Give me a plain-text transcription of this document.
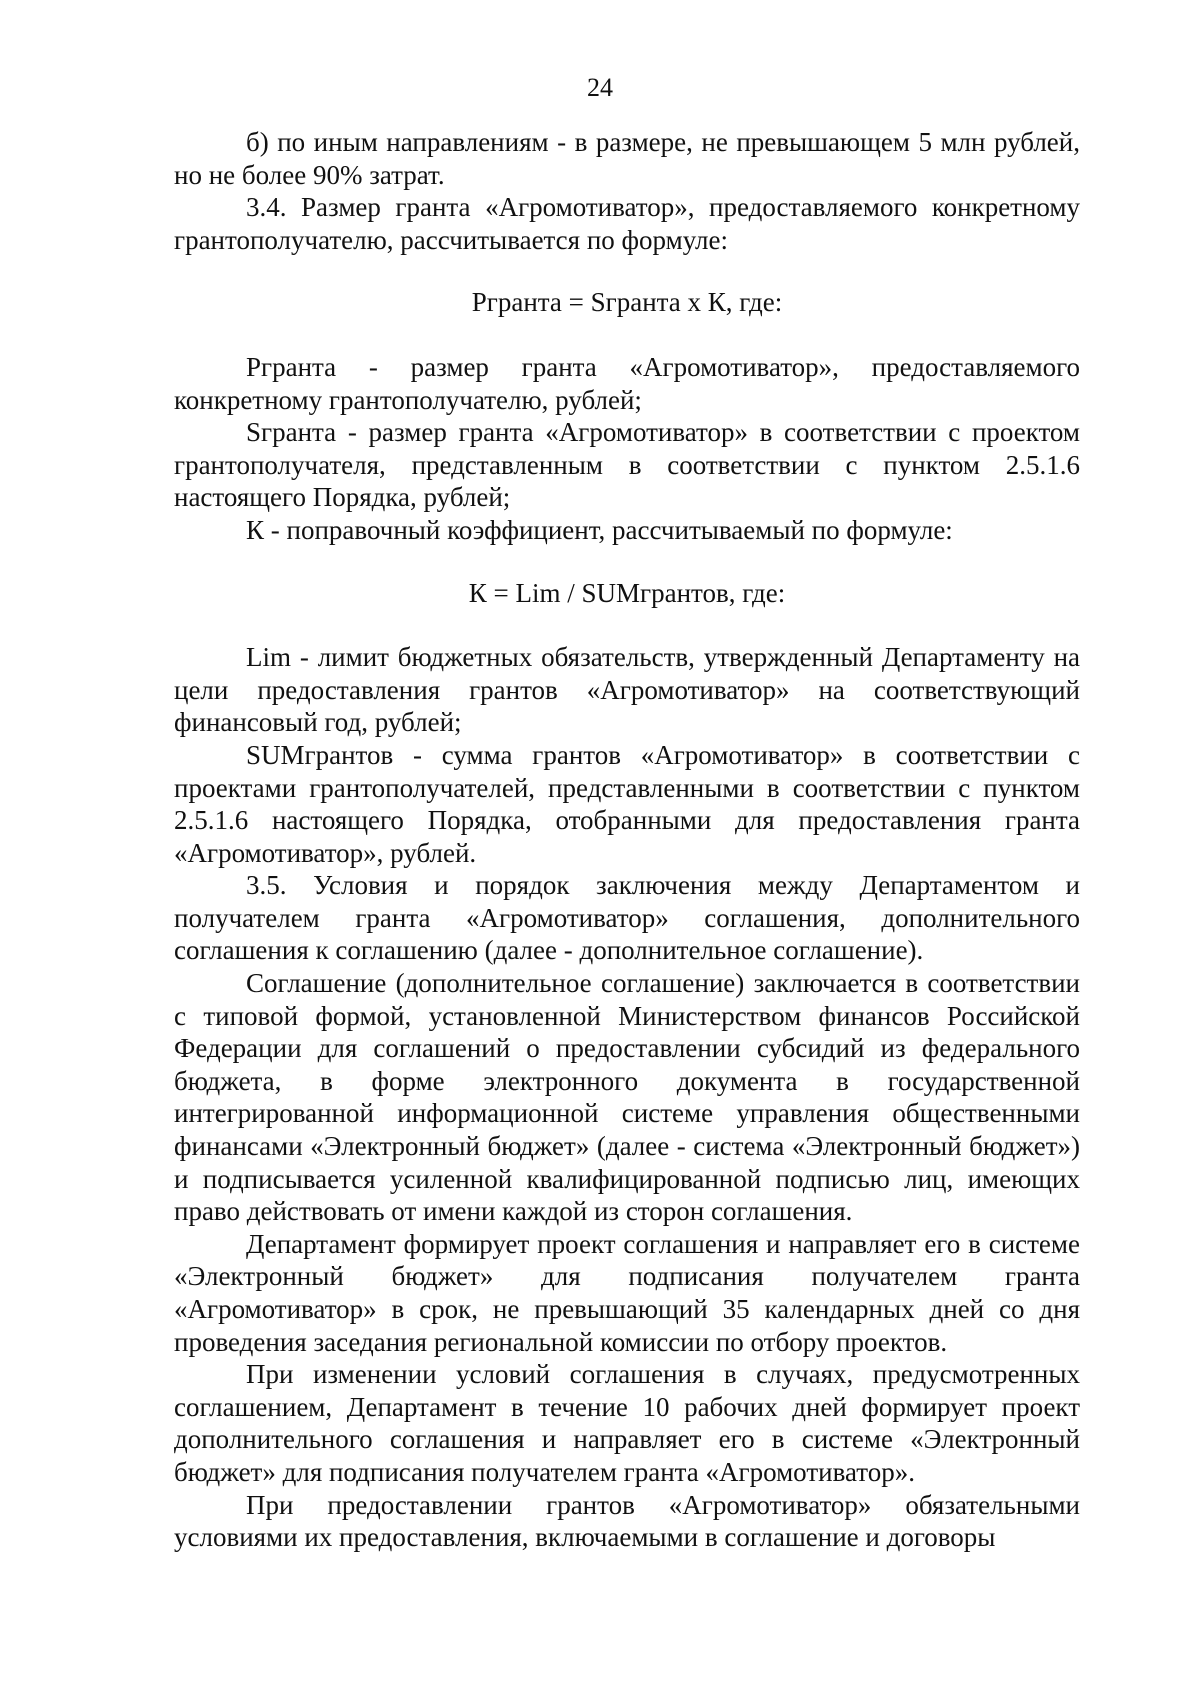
24

б) по иным направлениям - в размере, не превышающем 5 млн рублей, но не более 90% затрат.

3.4. Размер гранта «Агромотиватор», предоставляемого конкретному грантополучателю, рассчитывается по формуле:

Ргранта = Sгранта х К, где:

Ргранта - размер гранта «Агромотиватор», предоставляемого конкретному грантополучателю, рублей;

Sгранта - размер гранта «Агромотиватор» в соответствии с проектом грантополучателя, представленным в соответствии с пунктом 2.5.1.6 настоящего Порядка, рублей;

К - поправочный коэффициент, рассчитываемый по формуле:

К = Lim / SUMгрантов, где:

Lim - лимит бюджетных обязательств, утвержденный Департаменту на цели предоставления грантов «Агромотиватор» на соответствующий финансовый год, рублей;

SUMгрантов - сумма грантов «Агромотиватор» в соответствии с проектами грантополучателей, представленными в соответствии с пунктом 2.5.1.6 настоящего Порядка, отобранными для предоставления гранта «Агромотиватор», рублей.

3.5. Условия и порядок заключения между Департаментом и получателем гранта «Агромотиватор» соглашения, дополнительного соглашения к соглашению (далее - дополнительное соглашение).

Соглашение (дополнительное соглашение) заключается в соответствии с типовой формой, установленной Министерством финансов Российской Федерации для соглашений о предоставлении субсидий из федерального бюджета, в форме электронного документа в государственной интегрированной информационной системе управления общественными финансами «Электронный бюджет» (далее - система «Электронный бюджет») и подписывается усиленной квалифицированной подписью лиц, имеющих право действовать от имени каждой из сторон соглашения.

Департамент формирует проект соглашения и направляет его в системе «Электронный бюджет» для подписания получателем гранта «Агромотиватор» в срок, не превышающий 35 календарных дней со дня проведения заседания региональной комиссии по отбору проектов.

При изменении условий соглашения в случаях, предусмотренных соглашением, Департамент в течение 10 рабочих дней формирует проект дополнительного соглашения и направляет его в системе «Электронный бюджет» для подписания получателем гранта «Агромотиватор».

При предоставлении грантов «Агромотиватор» обязательными условиями их предоставления, включаемыми в соглашение и договоры
